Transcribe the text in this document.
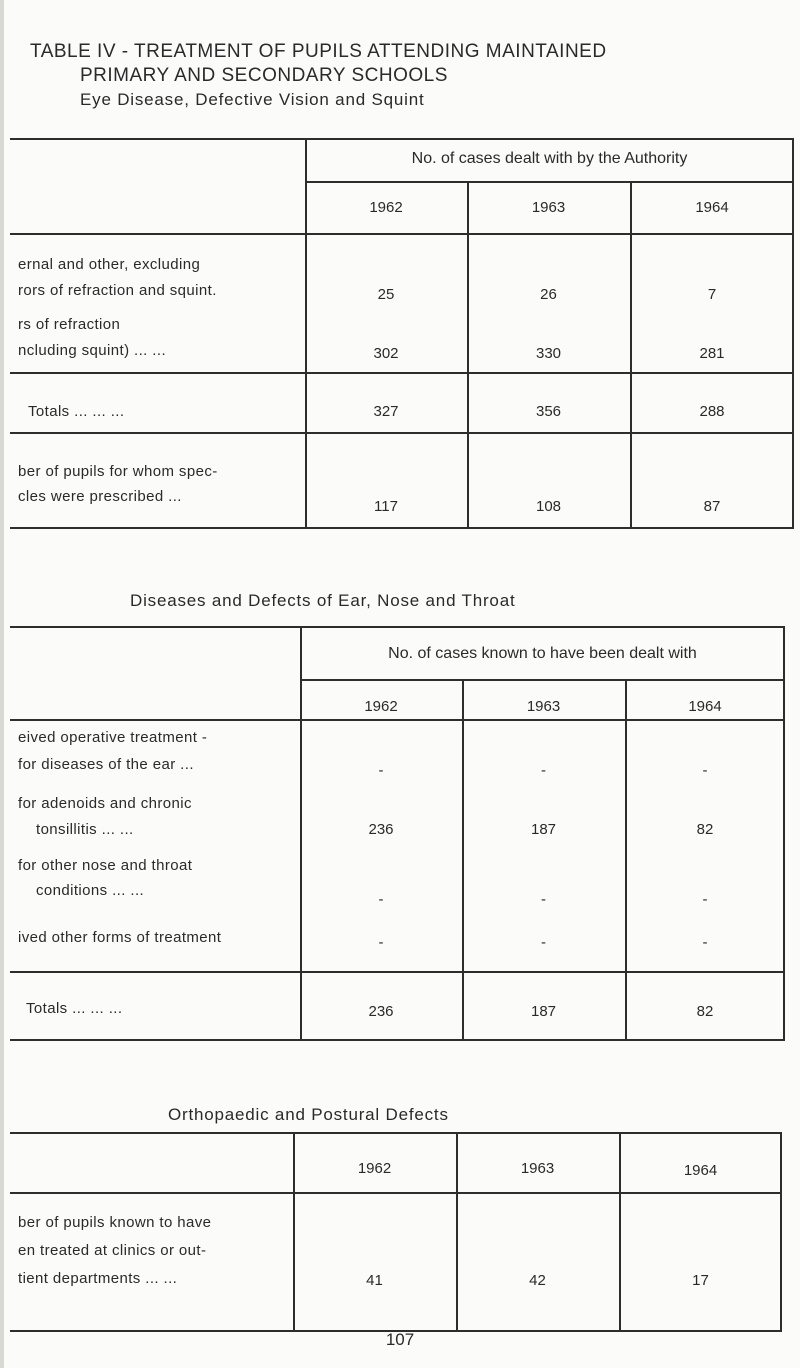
TABLE IV - TREATMENT OF PUPILS ATTENDING MAINTAINED
PRIMARY AND SECONDARY SCHOOLS
Eye Disease, Defective Vision and Squint
No. of cases dealt with by the Authority
1962	1963	1964
ernal and other, excluding
rors of refraction and squint.	25	26	7
rs of refraction
ncluding squint) ... ...	302	330	281
Totals ... ... ...	327	356	288
ber of pupils for whom spec-
cles were prescribed ...
117	108	87
Diseases and Defects of Ear, Nose and Throat
No. of cases known to have been dealt with
1962	1963	1964
eived operative treatment -
for diseases of the ear ...	-	-	-
for adenoids and chronic
tonsillitis ... ...	236	187	82
for other nose and throat
conditions ... ...
-	-	-
ived other forms of treatment	-	-	-
Totals ... ... ...	236	187	82
Orthopaedic and Postural Defects
1962	1963	1964
ber of pupils known to have
en treated at clinics or out-
tient departments ... ...	41	42	17
107
